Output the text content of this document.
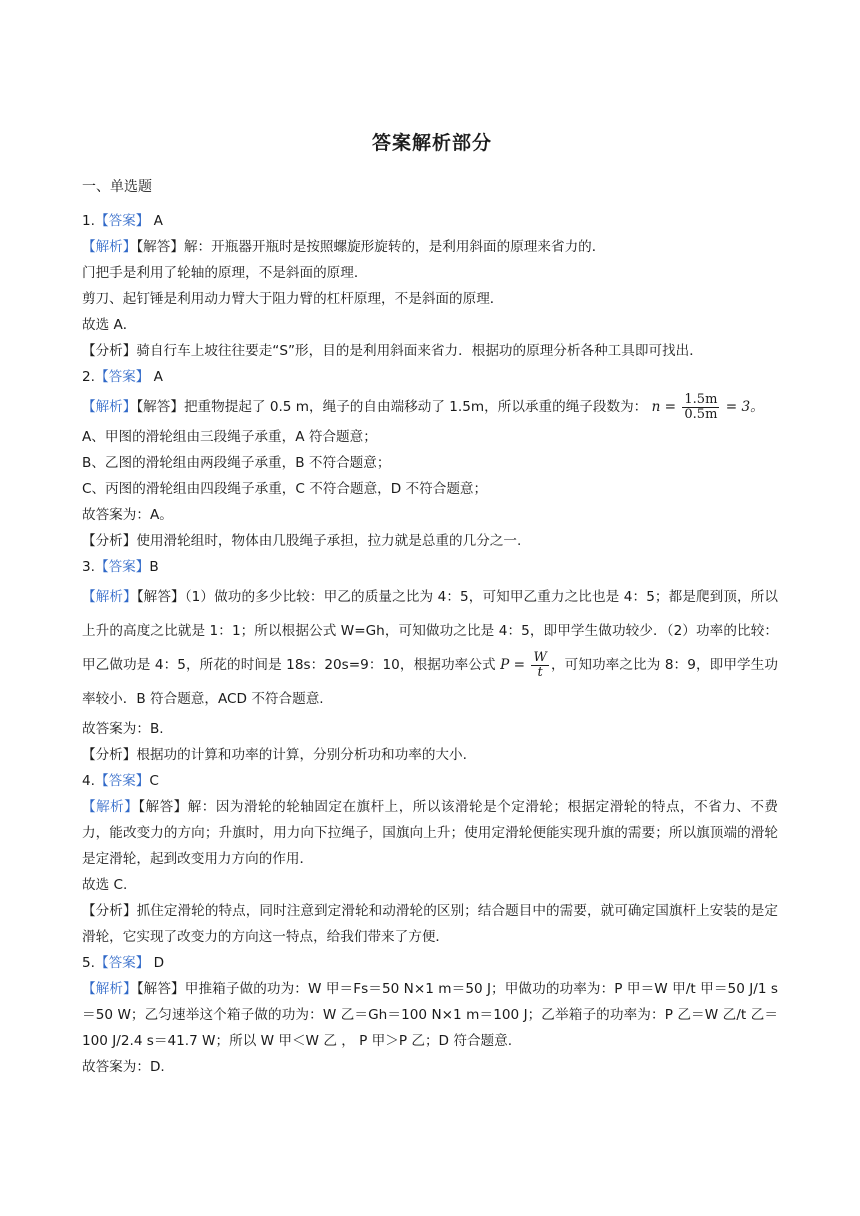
答案解析部分
一、单选题
1.【答案】 A
【解析】【解答】解：开瓶器开瓶时是按照螺旋形旋转的，是利用斜面的原理来省力的．
门把手是利用了轮轴的原理，不是斜面的原理．
剪刀、起钉锤是利用动力臂大于阻力臂的杠杆原理，不是斜面的原理．
故选 A．
【分析】骑自行车上坡往往要走“S”形，目的是利用斜面来省力．根据功的原理分析各种工具即可找出．
2.【答案】 A
【解析】【解答】把重物提起了 0.5 m，绳子的自由端移动了 1.5m，所以承重的绳子段数为： $n = \frac{1.5m}{0.5m} = 3$。
A、甲图的滑轮组由三段绳子承重，A 符合题意；
B、乙图的滑轮组由两段绳子承重，B 不符合题意；
C、丙图的滑轮组由四段绳子承重，C 不符合题意，D 不符合题意；
故答案为：A。
【分析】使用滑轮组时，物体由几股绳子承担，拉力就是总重的几分之一.
3.【答案】B
【解析】【解答】（1）做功的多少比较：甲乙的质量之比为 4：5，可知甲乙重力之比也是 4：5；都是爬到顶，所以上升的高度之比就是 1：1；所以根据公式 W=Gh，可知做功之比是 4：5，即甲学生做功较少．（2）功率的比较：甲乙做功是 4：5，所花的时间是 18s：20s=9：10，根据功率公式 $P = \frac{W}{t}$ ，可知功率之比为 8：9，即甲学生功率较小．B 符合题意，ACD 不符合题意.
故答案为：B.
【分析】根据功的计算和功率的计算，分别分析功和功率的大小.
4.【答案】C
【解析】【解答】解：因为滑轮的轮轴固定在旗杆上，所以该滑轮是个定滑轮；根据定滑轮的特点，不省力、不费力，能改变力的方向；升旗时，用力向下拉绳子，国旗向上升；使用定滑轮便能实现升旗的需要；所以旗顶端的滑轮是定滑轮，起到改变用力方向的作用．
故选 C.
【分析】抓住定滑轮的特点，同时注意到定滑轮和动滑轮的区别；结合题目中的需要，就可确定国旗杆上安装的是定滑轮，它实现了改变力的方向这一特点，给我们带来了方便．
5.【答案】 D
【解析】【解答】甲推箱子做的功为：W 甲＝Fs＝50 N×1 m＝50 J；甲做功的功率为：P 甲＝W 甲/t 甲＝50 J/1 s＝50 W；乙匀速举这个箱子做的功为：W 乙＝Gh＝100 N×1 m＝100 J；乙举箱子的功率为：P 乙＝W 乙/t 乙＝100 J/2.4 s＝41.7 W；所以 W 甲＜W 乙 ， P 甲＞P 乙；D 符合题意.
故答案为：D.
